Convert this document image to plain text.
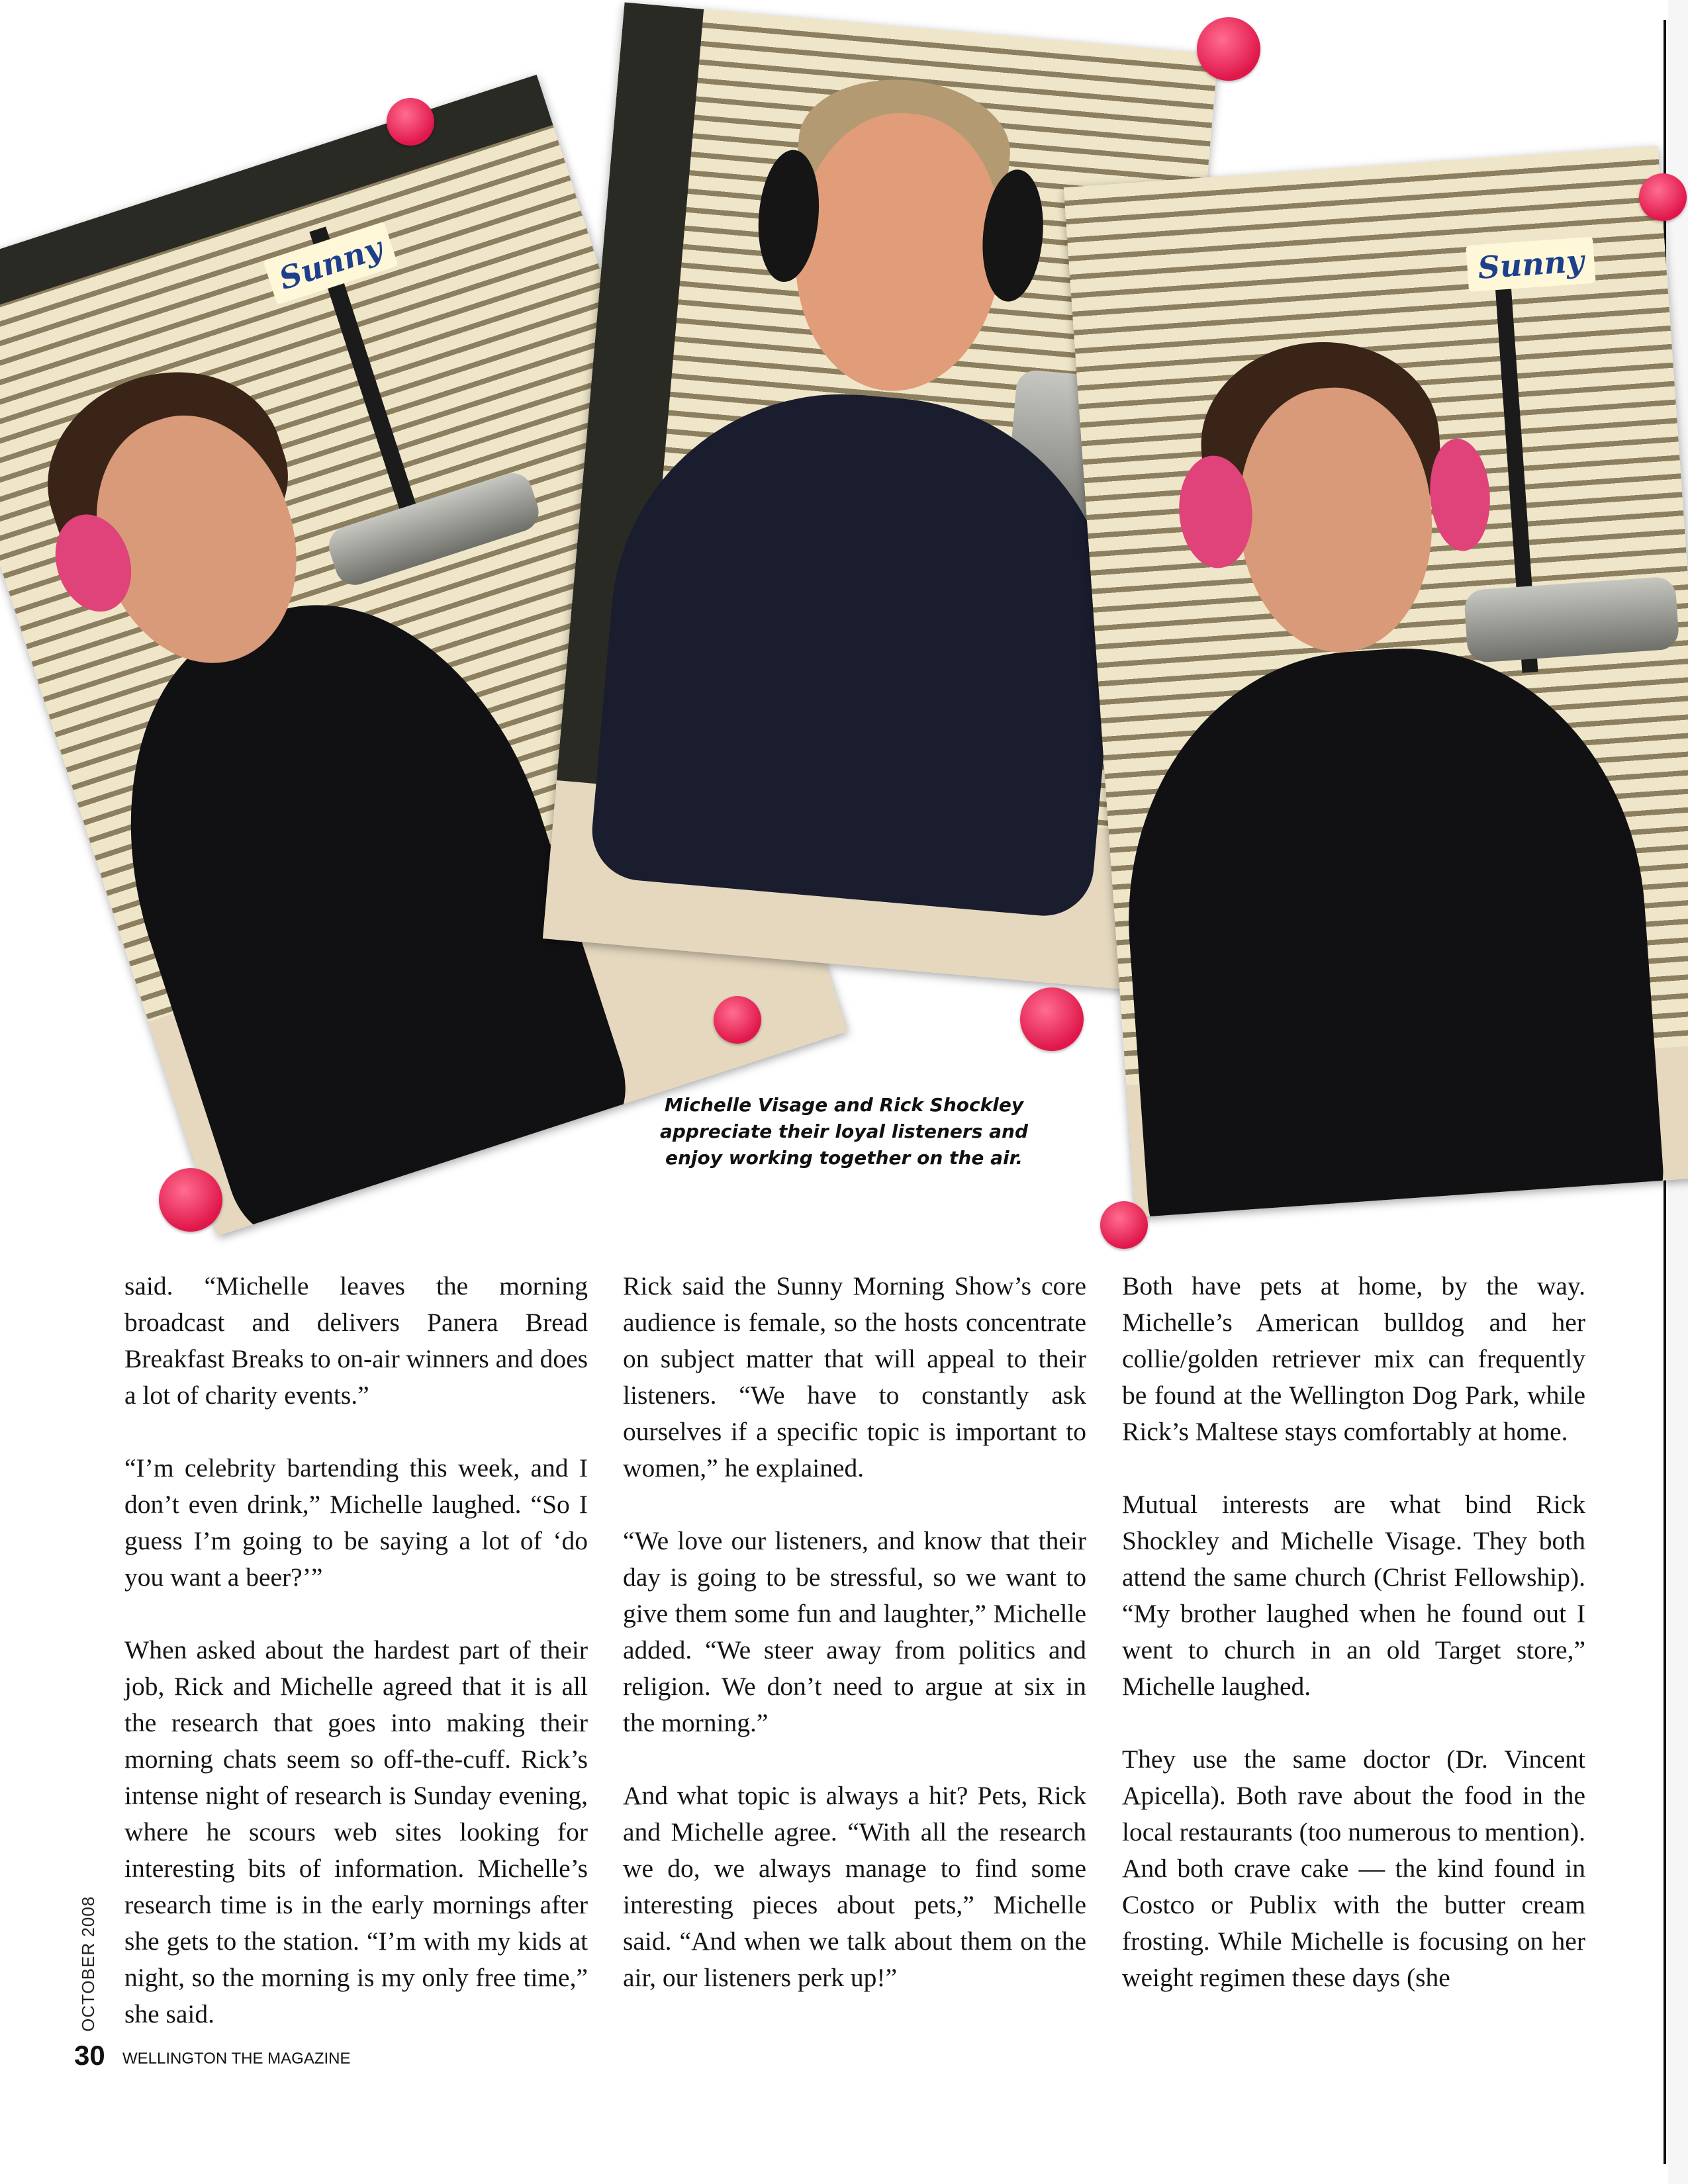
Sunny	Sunny
Michelle Visage and Rick Shockley
appreciate their loyal listeners and
enjoy working together on the air.

said. “Michelle leaves the morning broadcast and delivers Panera Bread Breakfast Breaks to on-air winners and does a lot of charity events.”

“I’m celebrity bartending this week, and I don’t even drink,” Michelle laughed. “So I guess I’m going to be saying a lot of ‘do you want a beer?’”

When asked about the hardest part of their job, Rick and Michelle agreed that it is all the research that goes into making their morning chats seem so off-the-cuff. Rick’s intense night of research is Sunday evening, where he scours web sites looking for interesting bits of information. Michelle’s research time is in the early mornings after she gets to the station. “I’m with my kids at night, so the morning is my only free time,” she said.

Rick said the Sunny Morning Show’s core audience is female, so the hosts concentrate on subject matter that will appeal to their listeners. “We have to constantly ask ourselves if a specific topic is important to women,” he explained.

“We love our listeners, and know that their day is going to be stressful, so we want to give them some fun and laughter,” Michelle added. “We steer away from politics and religion. We don’t need to argue at six in the morning.”

And what topic is always a hit? Pets, Rick and Michelle agree. “With all the research we do, we always manage to find some interesting pieces about pets,” Michelle said. “And when we talk about them on the air, our listeners perk up!”

Both have pets at home, by the way. Michelle’s American bulldog and her collie/golden retriever mix can frequently be found at the Wellington Dog Park, while Rick’s Maltese stays comfortably at home.

Mutual interests are what bind Rick Shockley and Michelle Visage. They both attend the same church (Christ Fellowship). “My brother laughed when he found out I went to church in an old Target store,” Michelle laughed.

They use the same doctor (Dr. Vincent Apicella). Both rave about the food in the local restaurants (too numerous to mention). And both crave cake — the kind found in Costco or Publix with the butter cream frosting. While Michelle is focusing on her weight regimen these days (she

OCTOBER 2008
30 WELLINGTON THE MAGAZINE
